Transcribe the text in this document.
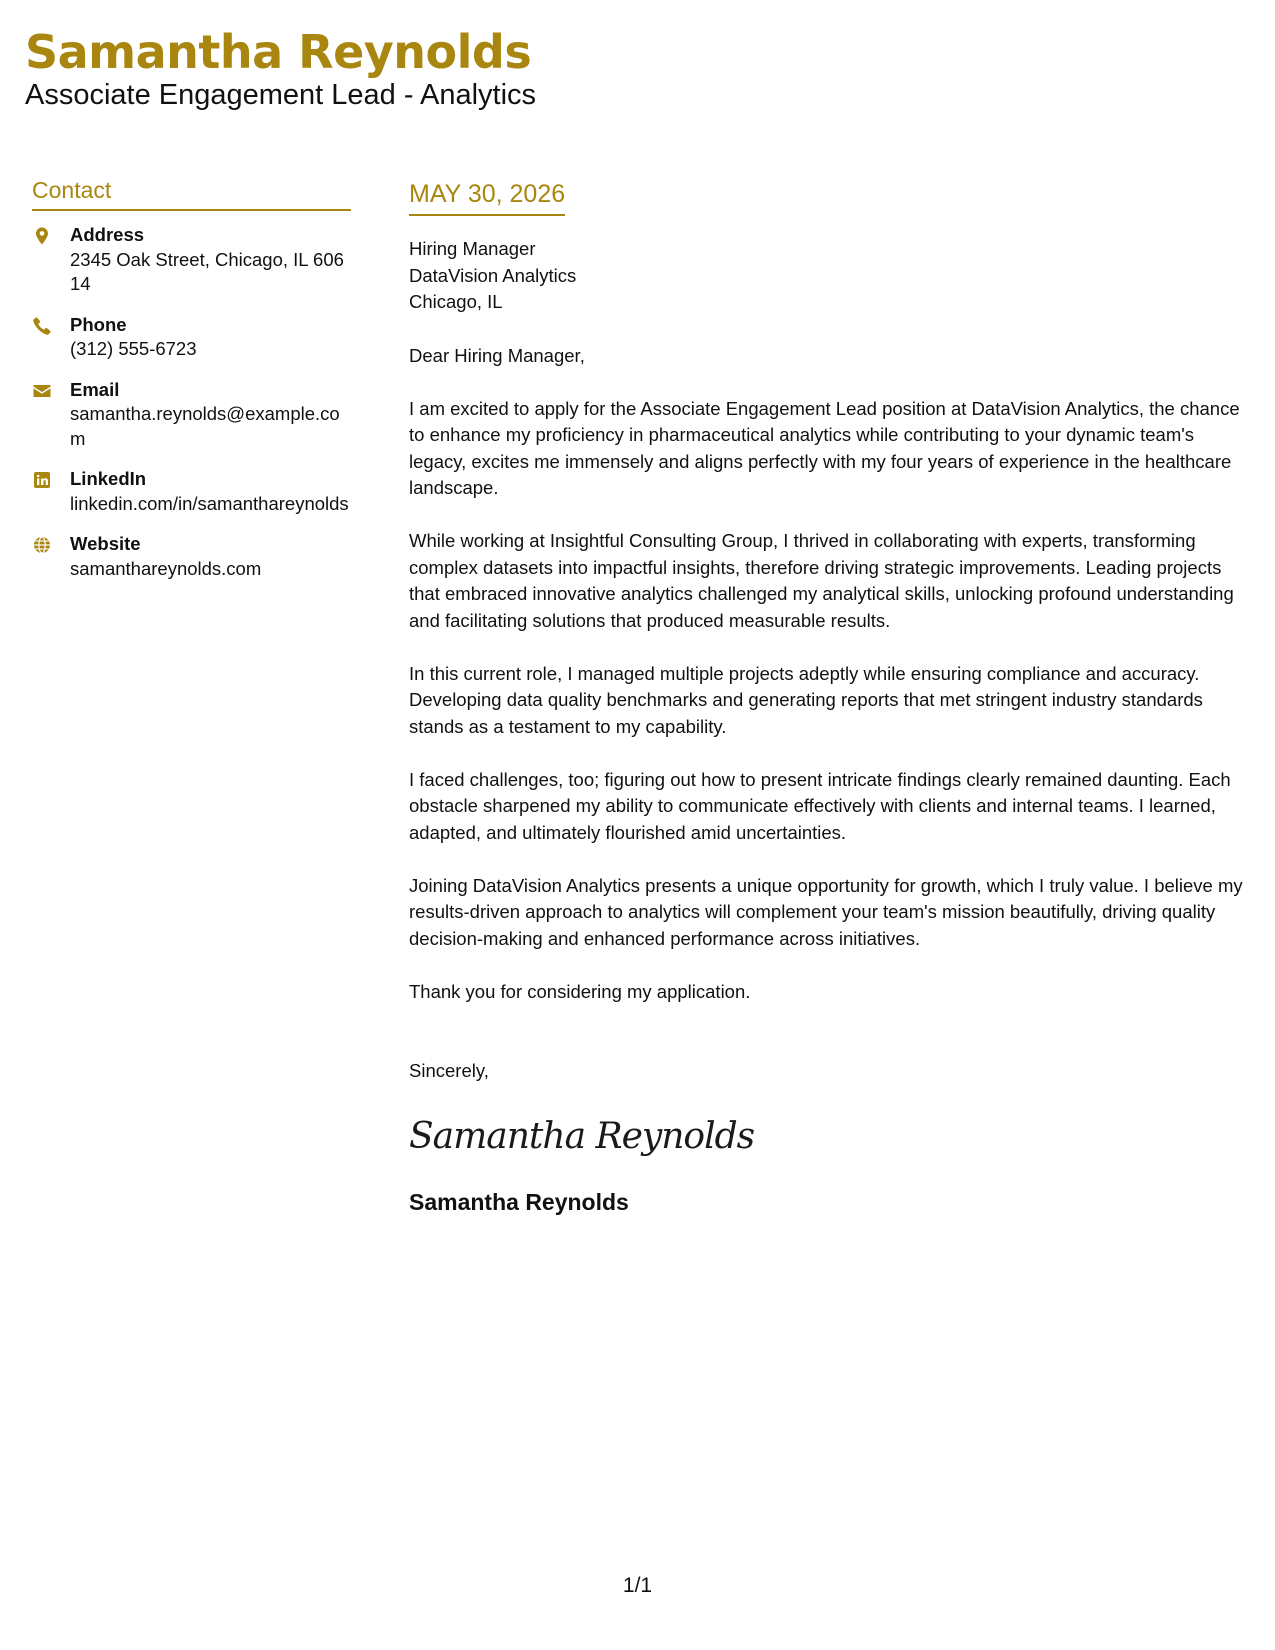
Samantha Reynolds
Associate Engagement Lead - Analytics
Contact
Address
2345 Oak Street, Chicago, IL 60614
Phone
(312) 555-6723
Email
samantha.reynolds@example.com
LinkedIn
linkedin.com/in/samanthareynolds
Website
samanthareynolds.com
MAY 30, 2026
Hiring Manager
DataVision Analytics
Chicago, IL

Dear Hiring Manager,

I am excited to apply for the Associate Engagement Lead position at DataVision Analytics, the chance to enhance my proficiency in pharmaceutical analytics while contributing to your dynamic team's legacy, excites me immensely and aligns perfectly with my four years of experience in the healthcare landscape.

While working at Insightful Consulting Group, I thrived in collaborating with experts, transforming complex datasets into impactful insights, therefore driving strategic improvements. Leading projects that embraced innovative analytics challenged my analytical skills, unlocking profound understanding and facilitating solutions that produced measurable results.

In this current role, I managed multiple projects adeptly while ensuring compliance and accuracy. Developing data quality benchmarks and generating reports that met stringent industry standards stands as a testament to my capability.

I faced challenges, too; figuring out how to present intricate findings clearly remained daunting. Each obstacle sharpened my ability to communicate effectively with clients and internal teams. I learned, adapted, and ultimately flourished amid uncertainties.

Joining DataVision Analytics presents a unique opportunity for growth, which I truly value. I believe my results-driven approach to analytics will complement your team's mission beautifully, driving quality decision-making and enhanced performance across initiatives.

Thank you for considering my application.

Sincerely,
Samantha Reynolds
Samantha Reynolds
1/1
